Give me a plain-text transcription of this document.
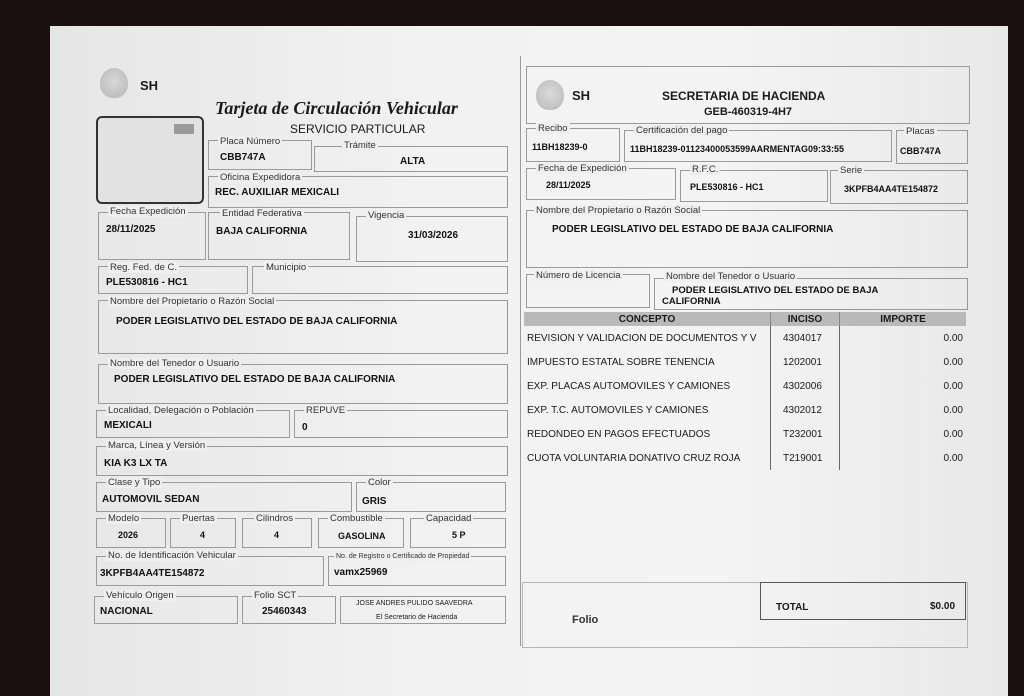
SH
Tarjeta de Circulación Vehicular
SERVICIO PARTICULAR
Placa Número
CBB747A
Trámite
ALTA
Oficina Expedidora
REC. AUXILIAR MEXICALI
Fecha Expedición
28/11/2025
Entidad Federativa
BAJA CALIFORNIA
Vigencia
31/03/2026
Reg. Fed. de C.
PLE530816 - HC1
Municipio
Nombre del Propietario o Razón Social
PODER LEGISLATIVO DEL ESTADO DE BAJA CALIFORNIA
Nombre del Tenedor o Usuario
PODER LEGISLATIVO DEL ESTADO DE BAJA CALIFORNIA
Localidad, Delegación o Población
MEXICALI
REPUVE
0
Marca, Línea y Versión
KIA K3 LX TA
Clase y Tipo
AUTOMOVIL SEDAN
Color
GRIS
Modelo
2026
Puertas
4
Cilindros
4
Combustible
GASOLINA
Capacidad
5 P
No. de Identificación Vehicular
3KPFB4AA4TE154872
No. de Registro o Certificado de Propiedad
vamx25969
Vehículo Origen
NACIONAL
Folio SCT
25460343
JOSE ANDRES PULIDO SAAVEDRA
El Secretario de Hacienda
SH	SECRETARIA DE HACIENDA
GEB-460319-4H7
Recibo
11BH18239-0
Certificación del pago
11BH18239-01123400053599AARMENTAG09:33:55
Placas
CBB747A
Fecha de Expedición
28/11/2025
R.F.C.
PLE530816 - HC1
Serie
3KPFB4AA4TE154872
Nombre del Propietario o Razón Social
PODER LEGISLATIVO DEL ESTADO DE BAJA CALIFORNIA
Número de Licencia	Nombre del Tenedor o Usuario
PODER LEGISLATIVO DEL ESTADO DE BAJA
CALIFORNIA
CONCEPTO	INCISO	IMPORTE
REVISION Y VALIDACION DE DOCUMENTOS Y V	4304017	0.00
IMPUESTO ESTATAL SOBRE TENENCIA	1202001	0.00
EXP. PLACAS AUTOMOVILES Y CAMIONES	4302006	0.00
EXP. T.C. AUTOMOVILES Y CAMIONES	4302012	0.00
REDONDEO EN PAGOS EFECTUADOS	T232001	0.00
CUOTA VOLUNTARIA DONATIVO CRUZ ROJA	T219001	0.00
Folio
TOTAL	$0.00
